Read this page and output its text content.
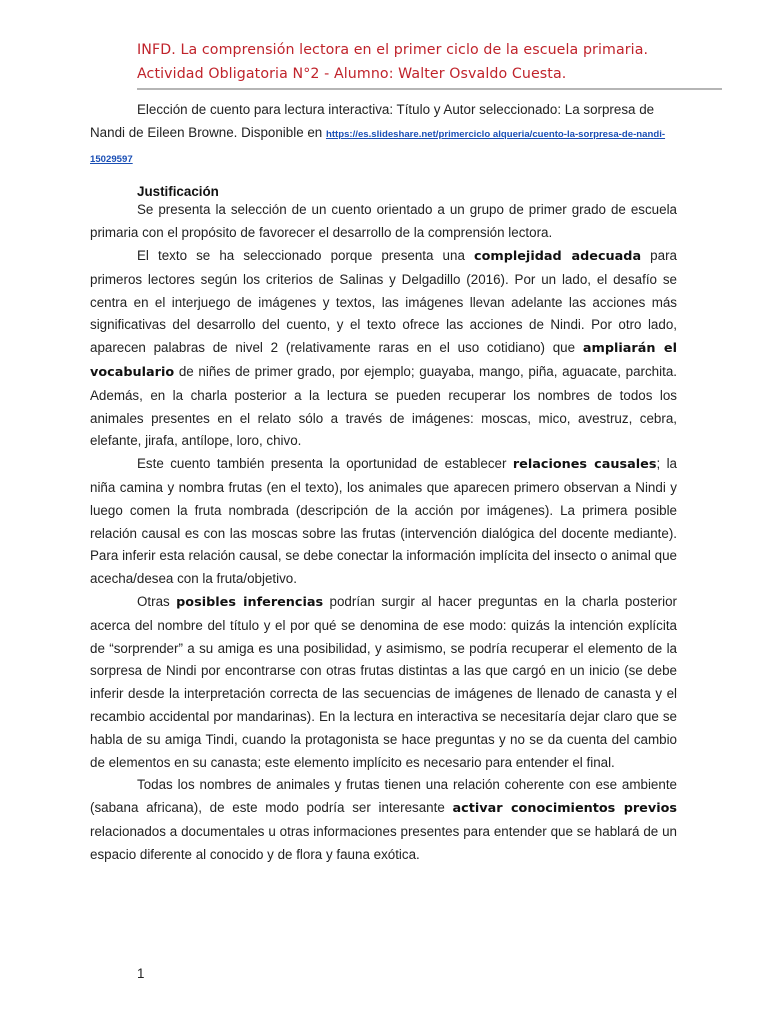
INFD. La comprensión lectora en el primer ciclo de la escuela primaria.
Actividad Obligatoria N°2 - Alumno: Walter Osvaldo Cuesta.

Elección de cuento para lectura interactiva: Título y Autor seleccionado: La sorpresa de Nandi de Eileen Browne. Disponible en https://es.slideshare.net/primerciclo alqueria/cuento-la-sorpresa-de-nandi-15029597

Justificación

Se presenta la selección de un cuento orientado a un grupo de primer grado de escuela primaria con el propósito de favorecer el desarrollo de la comprensión lectora.

El texto se ha seleccionado porque presenta una complejidad adecuada para primeros lectores según los criterios de Salinas y Delgadillo (2016). Por un lado, el desafío se centra en el interjuego de imágenes y textos, las imágenes llevan adelante las acciones más significativas del desarrollo del cuento, y el texto ofrece las acciones de Nindi. Por otro lado, aparecen palabras de nivel 2 (relativamente raras en el uso cotidiano) que ampliarán el vocabulario de niñes de primer grado, por ejemplo; guayaba, mango, piña, aguacate, parchita. Además, en la charla posterior a la lectura se pueden recuperar los nombres de todos los animales presentes en el relato sólo a través de imágenes: moscas, mico, avestruz, cebra, elefante, jirafa, antílope, loro, chivo.

Este cuento también presenta la oportunidad de establecer relaciones causales; la niña camina y nombra frutas (en el texto), los animales que aparecen primero observan a Nindi y luego comen la fruta nombrada (descripción de la acción por imágenes). La primera posible relación causal es con las moscas sobre las frutas (intervención dialógica del docente mediante). Para inferir esta relación causal, se debe conectar la información implícita del insecto o animal que acecha/desea con la fruta/objetivo.

Otras posibles inferencias podrían surgir al hacer preguntas en la charla posterior acerca del nombre del título y el por qué se denomina de ese modo: quizás la intención explícita de “sorprender” a su amiga es una posibilidad, y asimismo, se podría recuperar el elemento de la sorpresa de Nindi por encontrarse con otras frutas distintas a las que cargó en un inicio (se debe inferir desde la interpretación correcta de las secuencias de imágenes de llenado de canasta y el recambio accidental por mandarinas). En la lectura en interactiva se necesitaría dejar claro que se habla de su amiga Tindi, cuando la protagonista se hace preguntas y no se da cuenta del cambio de elementos en su canasta; este elemento implícito es necesario para entender el final.

Todas los nombres de animales y frutas tienen una relación coherente con ese ambiente (sabana africana), de este modo podría ser interesante activar conocimientos previos relacionados a documentales u otras informaciones presentes para entender que se hablará de un espacio diferente al conocido y de flora y fauna exótica.

1
